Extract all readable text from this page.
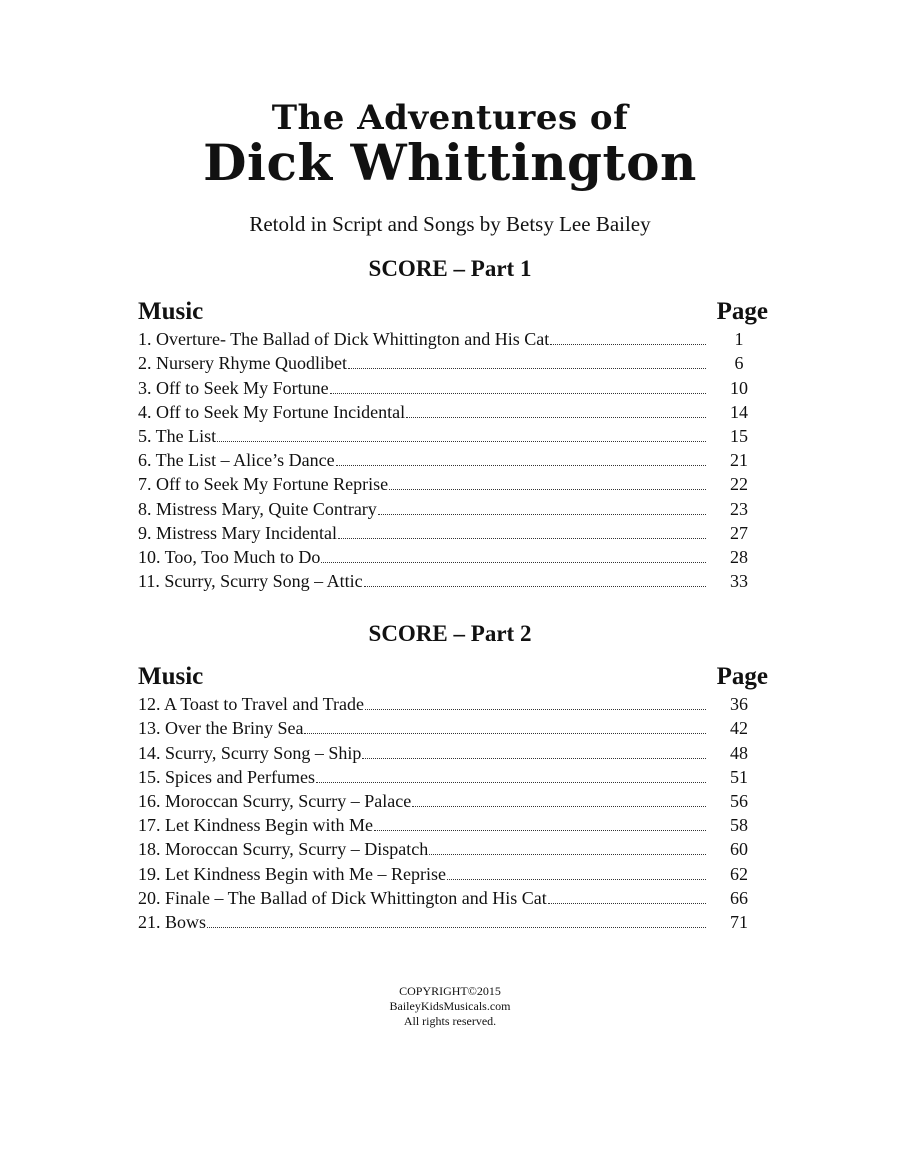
The Adventures of
Dick Whittington
Retold in Script and Songs by Betsy Lee Bailey
SCORE – Part 1
Music	Page
1. Overture- The Ballad of Dick Whittington and His Cat	1
2. Nursery Rhyme Quodlibet	6
3. Off to Seek My Fortune	10
4. Off to Seek My Fortune Incidental	14
5. The List	15
6. The List – Alice’s Dance	21
7. Off to Seek My Fortune Reprise	22
8. Mistress Mary, Quite Contrary	23
9. Mistress Mary Incidental	27
10. Too, Too Much to Do	28
11. Scurry, Scurry Song – Attic	33
SCORE – Part 2
Music	Page
12. A Toast to Travel and Trade	36
13. Over the Briny Sea	42
14. Scurry, Scurry Song – Ship	48
15. Spices and Perfumes	51
16. Moroccan Scurry, Scurry – Palace	56
17. Let Kindness Begin with Me	58
18. Moroccan Scurry, Scurry – Dispatch	60
19. Let Kindness Begin with Me – Reprise	62
20. Finale – The Ballad of Dick Whittington and His Cat	66
21. Bows	71
COPYRIGHT©2015
BaileyKidsMusicals.com
All rights reserved.
